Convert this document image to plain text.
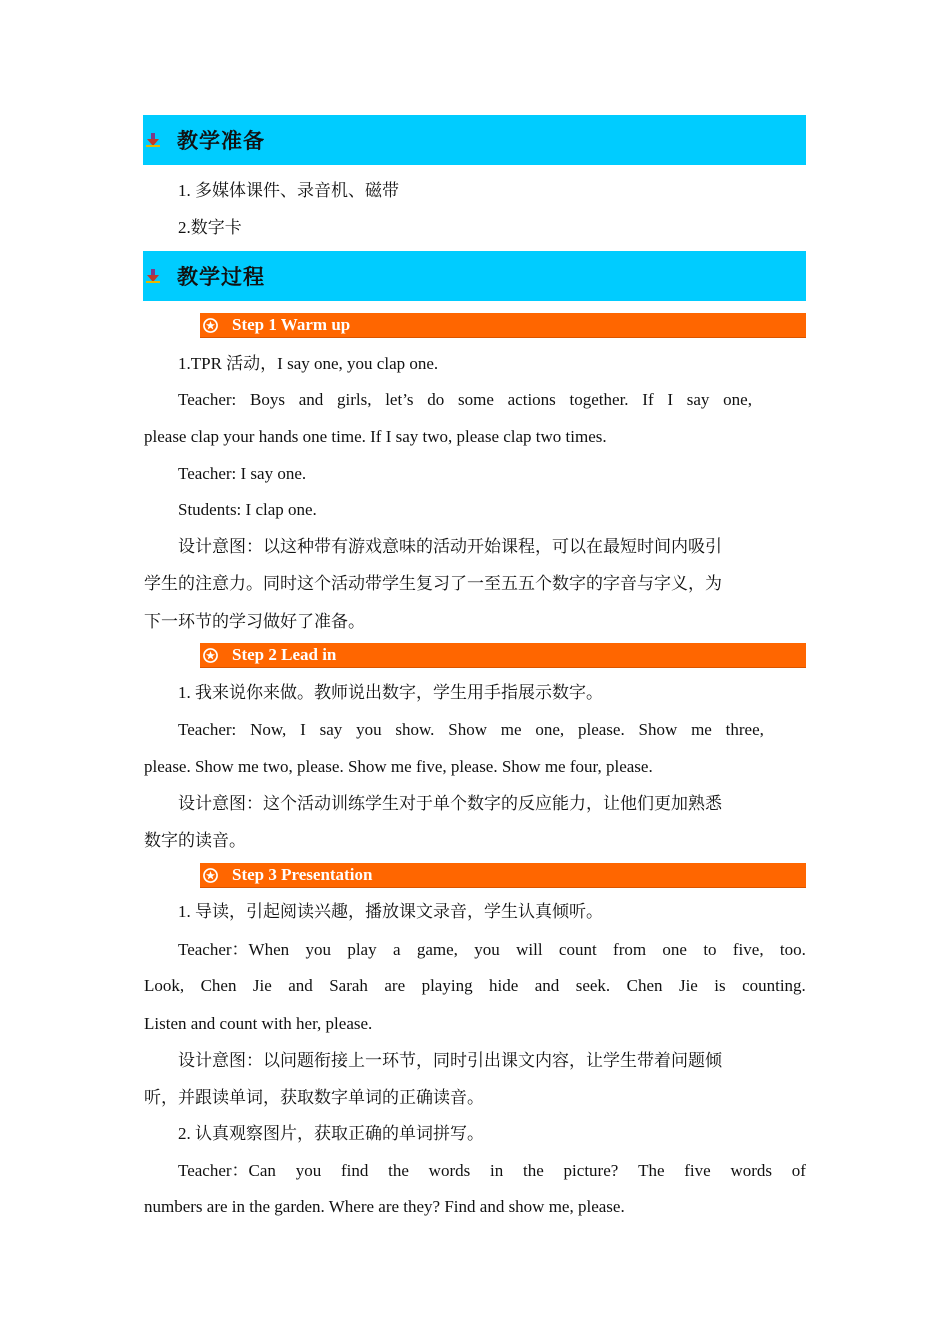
教学准备
1. 多媒体课件、录音机、磁带
2.数字卡
教学过程
Step 1 Warm up
1.TPR 活动，I say one, you clap one.
Teacher: Boys and girls, let’s do some actions together. If I say one,
please clap your hands one time. If I say two, please clap two times.
Teacher: I say one.
Students: I clap one.
设计意图：以这种带有游戏意味的活动开始课程，可以在最短时间内吸引
学生的注意力。同时这个活动带学生复习了一至五五个数字的字音与字义，为
下一环节的学习做好了准备。
Step 2 Lead in
1. 我来说你来做。教师说出数字，学生用手指展示数字。
Teacher: Now, I say you show. Show me one, please. Show me three,
please. Show me two, please. Show me five, please. Show me four, please.
设计意图：这个活动训练学生对于单个数字的反应能力，让他们更加熟悉
数字的读音。
Step 3 Presentation
1. 导读，引起阅读兴趣，播放课文录音，学生认真倾听。
Teacher：When you play a game, you will count from one to five, too.
Look, Chen Jie and Sarah are playing hide and seek. Chen Jie is counting.
Listen and count with her, please.
设计意图：以问题衔接上一环节，同时引出课文内容，让学生带着问题倾
听，并跟读单词，获取数字单词的正确读音。
2. 认真观察图片，获取正确的单词拼写。
Teacher：Can you find the words in the picture? The five words of
numbers are in the garden. Where are they? Find and show me, please.
